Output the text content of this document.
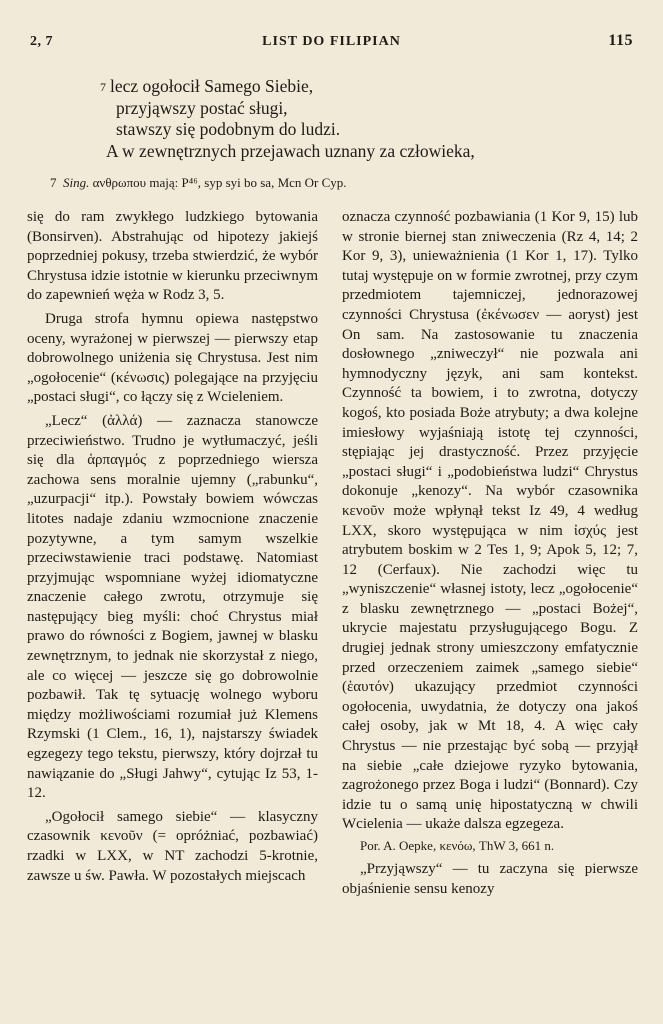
2, 7	LIST DO FILIPIAN	115
$^7$ lecz ogołocił Samego Siebie,
przyjąwszy postać sługi,
stawszy się podobnym do ludzi.
A w zewnętrznych przejawach uznany za człowieka,
7 Sing. ανθρωπου mają: P⁴⁶, syp syi bo sa, Mcn Or Cyp.

się do ram zwykłego ludzkiego bytowania (Bonsirven). Abstrahując od hipotezy jakiejś poprzedniej pokusy, trzeba stwierdzić, że wybór Chrystusa idzie istotnie w kierunku przeciwnym do zapewnień węża w Rodz 3, 5.

Druga strofa hymnu opiewa następstwo oceny, wyrażonej w pierwszej — pierwszy etap dobrowolnego uniżenia się Chrystusa. Jest nim „ogołocenie“ (κένωσις) polegające na przyjęciu „postaci sługi“, co łączy się z Wcieleniem.

„Lecz“ (ἀλλά) — zaznacza stanowcze przeciwieństwo. Trudno je wytłumaczyć, jeśli się dla ἁρπαγμός z poprzedniego wiersza zachowa sens moralnie ujemny („rabunku“, „uzurpacji“ itp.). Powstały bowiem wówczas litotes nadaje zdaniu wzmocnione znaczenie pozytywne, a tym samym wszelkie przeciwstawienie traci podstawę. Natomiast przyjmując wspomniane wyżej idiomatyczne znaczenie całego zwrotu, otrzymuje się następujący bieg myśli: choć Chrystus miał prawo do równości z Bogiem, jawnej w blasku zewnętrznym, to jednak nie skorzystał z niego, ale co więcej — jeszcze się go dobrowolnie pozbawił. Tak tę sytuację wolnego wyboru między możliwościami rozumiał już Klemens Rzymski (1 Clem., 16, 1), najstarszy świadek egzegezy tego tekstu, pierwszy, który dojrzał tu nawiązanie do „Sługi Jahwy“, cytując Iz 53, 1-12.

„Ogołocił samego siebie“ — klasyczny czasownik κενοῦν (= opróżniać, pozbawiać) rzadki w LXX, w NT zachodzi 5-krotnie, zawsze u św. Pawła. W pozostałych miejscach

oznacza czynność pozbawiania (1 Kor 9, 15) lub w stronie biernej stan zniweczenia (Rz 4, 14; 2 Kor 9, 3), unieważnienia (1 Kor 1, 17). Tylko tutaj występuje on w formie zwrotnej, przy czym przedmiotem tajemniczej, jednorazowej czynności Chrystusa (ἐκένωσεν — aoryst) jest On sam. Na zastosowanie tu znaczenia dosłownego „zniweczył“ nie pozwala ani hymnodyczny język, ani sam kontekst. Czynność ta bowiem, i to zwrotna, dotyczy kogoś, kto posiada Boże atrybuty; a dwa kolejne imiesłowy wyjaśniają istotę tej czynności, stępiając jej drastyczność. Przez przyjęcie „postaci sługi“ i „podobieństwa ludzi“ Chrystus dokonuje „kenozy“. Na wybór czasownika κενοῦν może wpłynął tekst Iz 49, 4 według LXX, skoro występująca w nim ἰσχύς jest atrybutem boskim w 2 Tes 1, 9; Apok 5, 12; 7, 12 (Cerfaux). Nie zachodzi więc tu „wyniszczenie“ własnej istoty, lecz „ogołocenie“ z blasku zewnętrznego — „postaci Bożej“, ukrycie majestatu przysługującego Bogu. Z drugiej jednak strony umieszczony emfatycznie przed orzeczeniem zaimek „samego siebie“ (ἑαυτόν) ukazujący przedmiot czynności ogołocenia, uwydatnia, że dotyczy ona jakoś całej osoby, jak w Mt 18, 4. A więc cały Chrystus — nie przestając być sobą — przyjął na siebie „całe dziejowe ryzyko bytowania, zagrożonego przez Boga i ludzi“ (Bonnard). Czy idzie tu o samą unię hipostatyczną w chwili Wcielenia — ukaże dalsza egzegeza.

Por. A. Oepke, κενόω, ThW 3, 661 n.

„Przyjąwszy“ — tu zaczyna się pierwsze objaśnienie sensu kenozy
